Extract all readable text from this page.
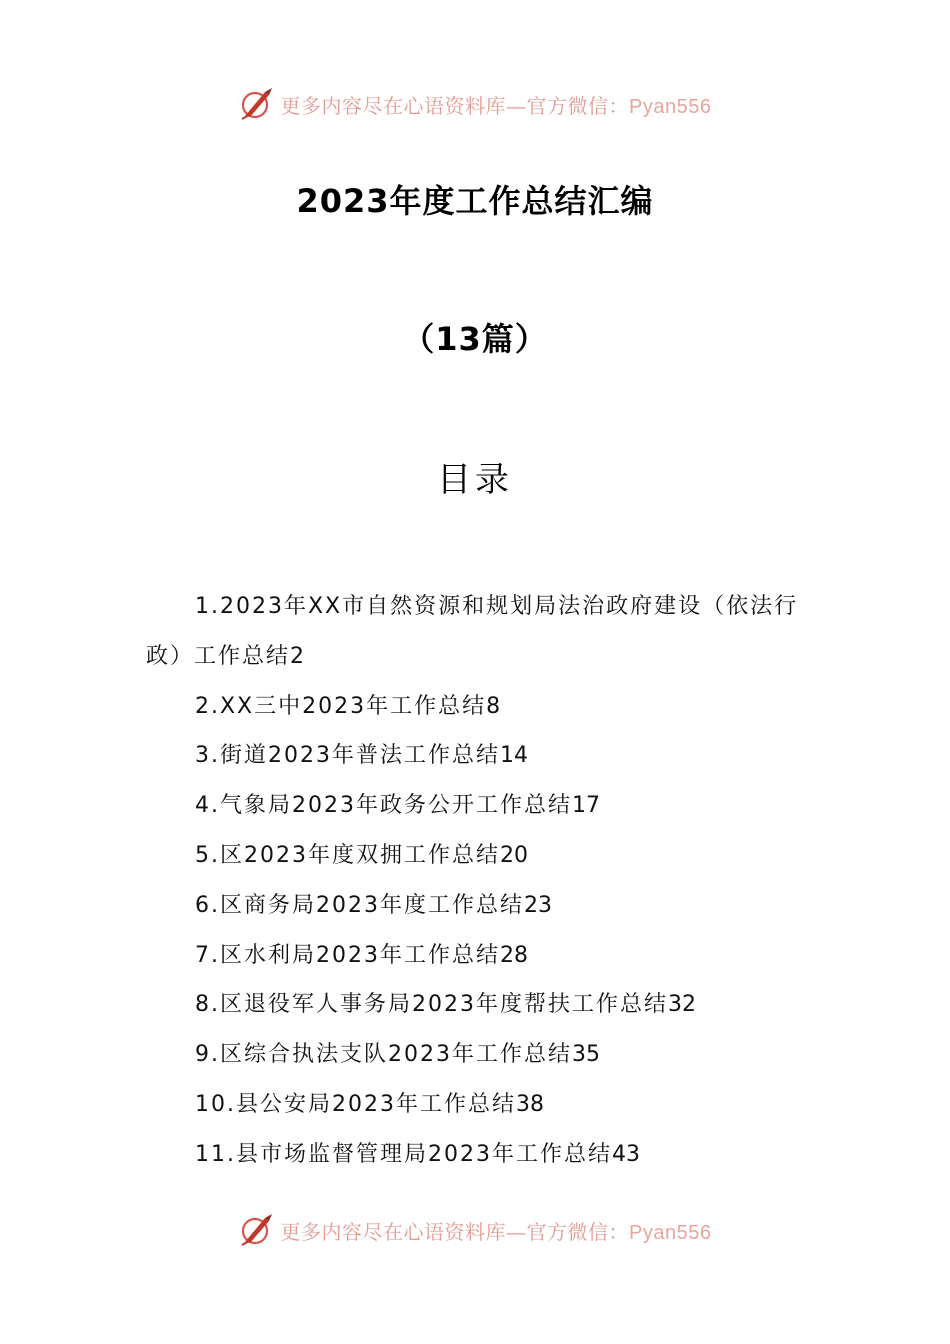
更多内容尽在心语资料库—官方微信：Pyan556
2023年度工作总结汇编
（13篇）
目录

1.2023年XX市自然资源和规划局法治政府建设（依法行政）工作总结2

2.XX三中2023年工作总结8

3.街道2023年普法工作总结14

4.气象局2023年政务公开工作总结17

5.区2023年度双拥工作总结20

6.区商务局2023年度工作总结23

7.区水利局2023年工作总结28

8.区退役军人事务局2023年度帮扶工作总结32

9.区综合执法支队2023年工作总结35

10.县公安局2023年工作总结38

11.县市场监督管理局2023年工作总结43

更多内容尽在心语资料库—官方微信：Pyan556
